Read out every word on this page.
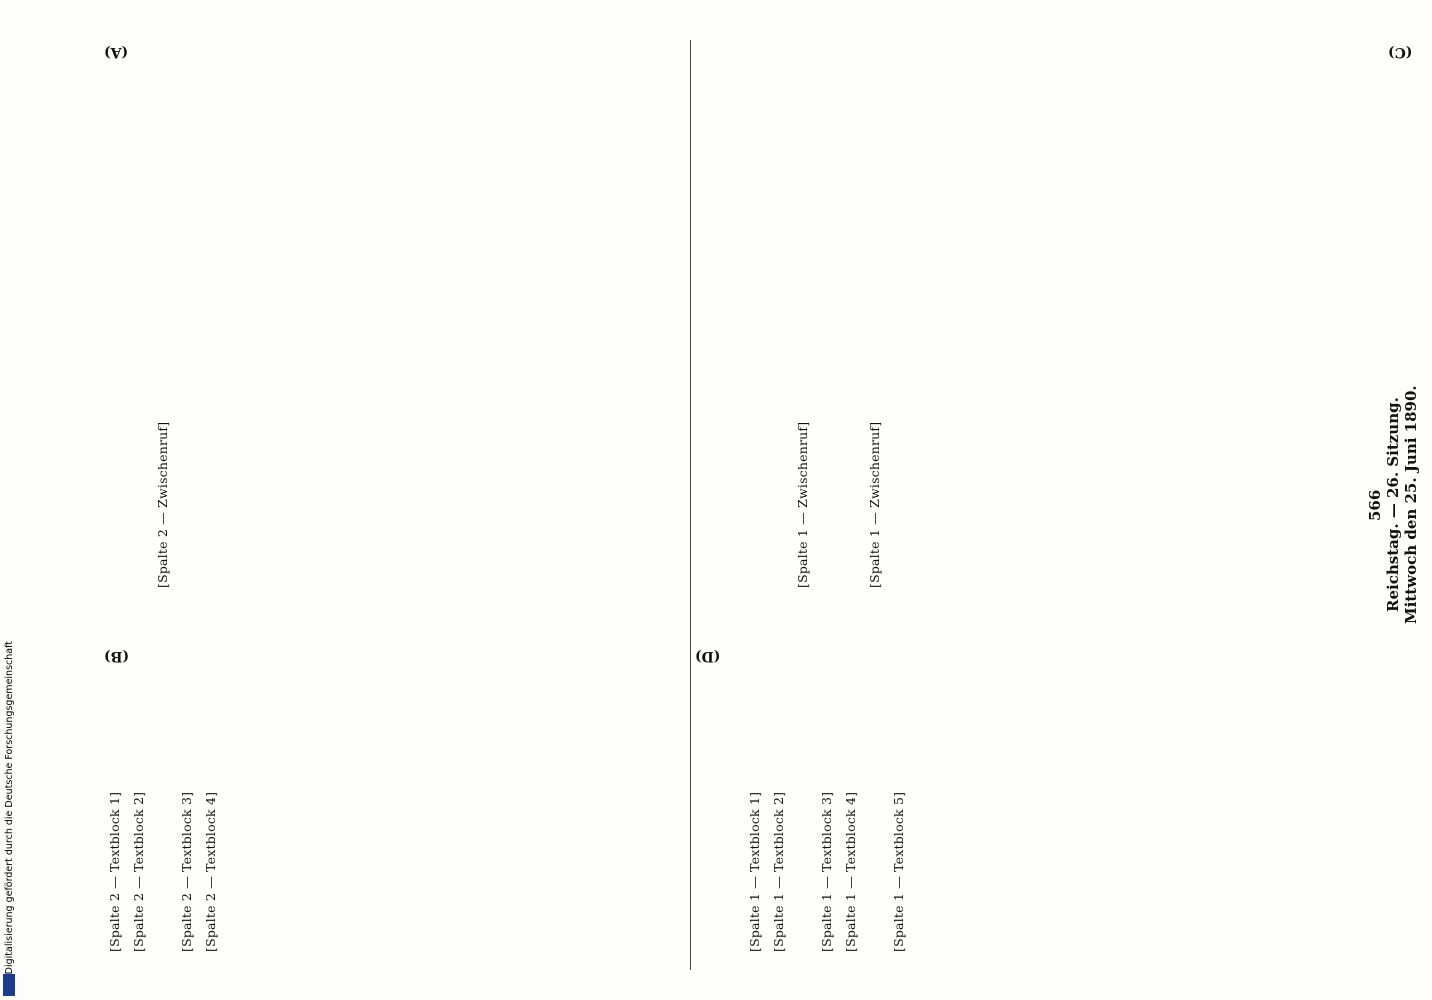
Digitalisierung gefördert durch die Deutsche Forschungsgemeinschaft
566 Reichstag. — 26. Sitzung. Mittwoch den 25. Juni 1890.

[Spalte 1 — Textblock 1] [Spalte 1 — Textblock 2]

[Spalte 1 — Zwischenruf]

[Spalte 1 — Textblock 3] [Spalte 1 — Textblock 4]

[Spalte 1 — Zwischenruf]

[Spalte 1 — Textblock 5]

[Spalte 2 — Textblock 1] [Spalte 2 — Textblock 2]

[Spalte 2 — Zwischenruf]

[Spalte 2 — Textblock 3] [Spalte 2 — Textblock 4]

(A)	(C)
(B)	(D)
